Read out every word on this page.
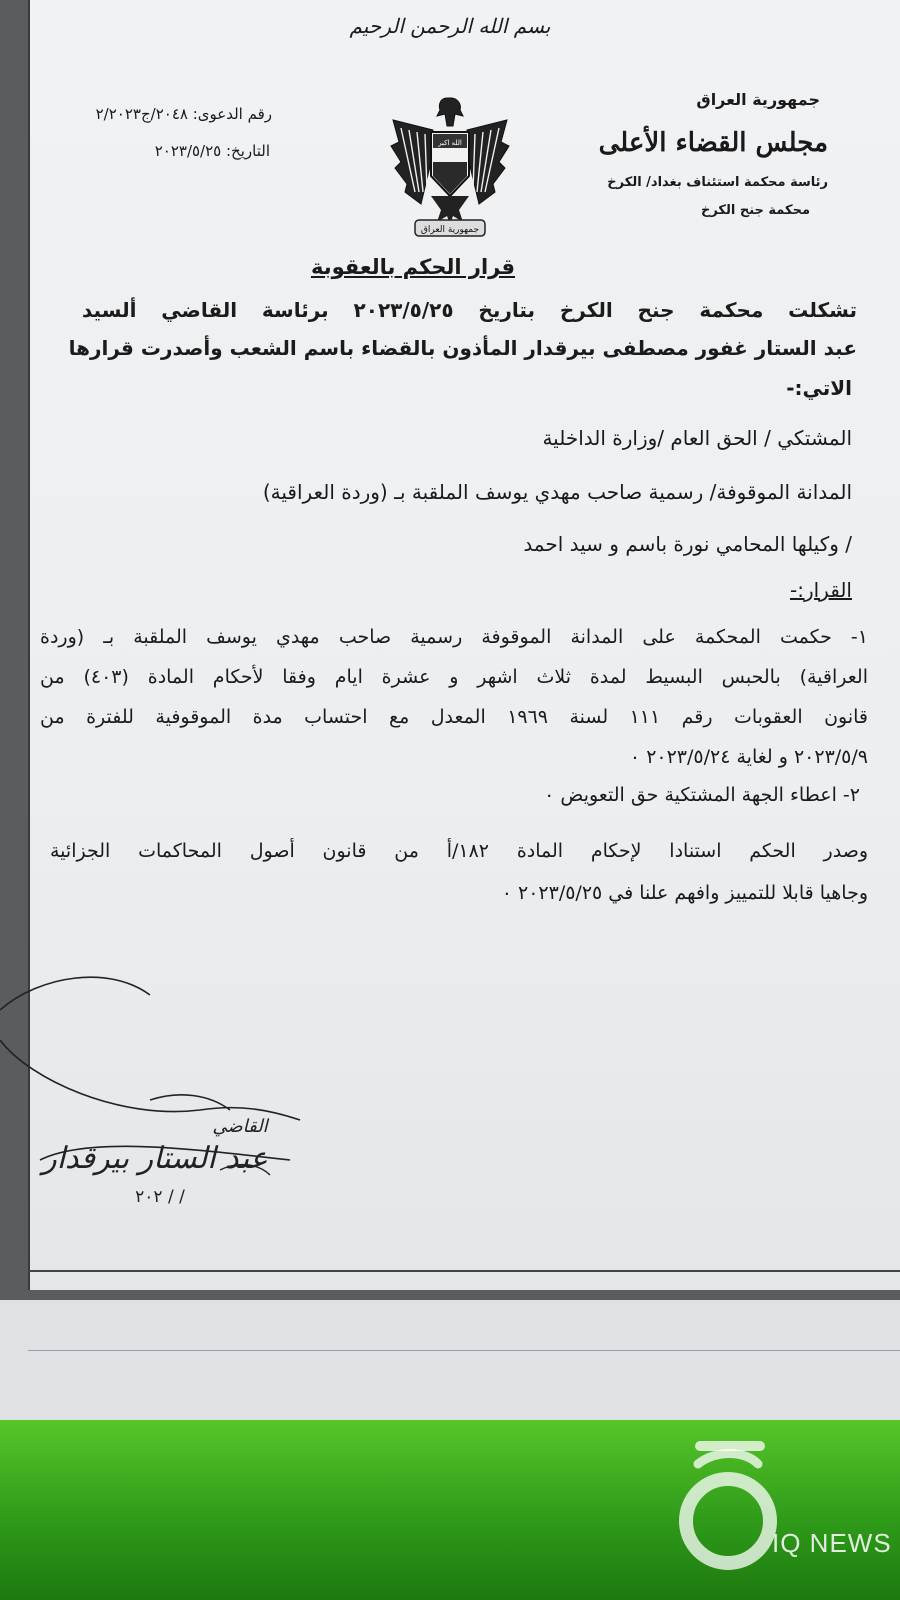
بسم الله الرحمن الرحيم
جمهورية العراق
مجلس القضاء الأعلى
رئاسة محكمة استئناف بغداد/ الكرخ
محكمة جنح الكرخ
رقم الدعوى: ٢٠٤٨/ج٢/٢٠٢٣
التاريخ: ٢٠٢٣/٥/٢٥	الله اكبر
جمهورية العراق
قرار الحكم بالعقوبة
تشكلت محكمة جنح الكرخ بتاريخ ٢٠٢٣/٥/٢٥ برئاسة القاضي ألسيد
عبد الستار غفور مصطفى بيرقدار المأذون بالقضاء باسم الشعب وأصدرت قرارها
الاتي:-
المشتكي / الحق العام /وزارة الداخلية
المدانة الموقوفة/ رسمية صاحب مهدي يوسف الملقبة بـ (وردة العراقية)
/ وكيلها المحامي نورة باسم و سيد احمد
القرار:-
١- حكمت المحكمة على المدانة الموقوفة رسمية صاحب مهدي يوسف الملقبة بـ (وردة
العراقية) بالحبس البسيط لمدة ثلاث اشهر و عشرة ايام وفقا لأحكام المادة (٤٠٣) من
قانون العقوبات رقم ١١١ لسنة ١٩٦٩ المعدل مع احتساب مدة الموقوفية للفترة من
٢٠٢٣/٥/٩ و لغاية ٢٠٢٣/٥/٢٤ ٠
٢- اعطاء الجهة المشتكية حق التعويض ٠
وصدر الحكم استنادا لإحكام المادة ١٨٢/أ من قانون أصول المحاكمات الجزائية
وجاهيا قابلا للتمييز وافهم علنا في ٢٠٢٣/٥/٢٥ ٠
القاضي
عبد الستار بيرقدار
٢٠٢ / /
IQ NEWS
